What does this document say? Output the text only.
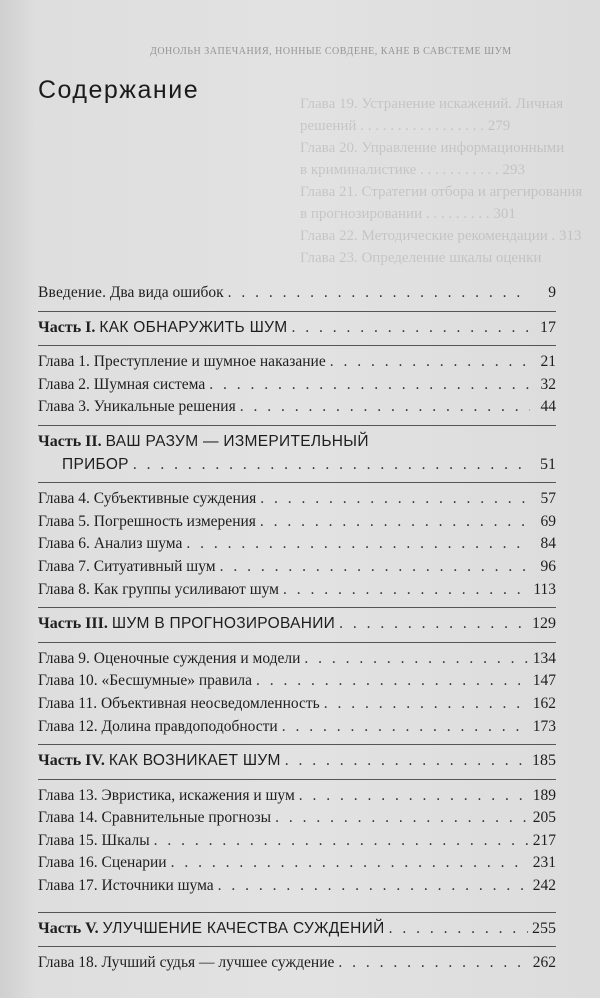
Глава 19. Устранение искажений. Личная
решений . . . . . . . . . . . . . . . . . 279
Глава 20. Управление информационными
в криминалистике . . . . . . . . . . . 293
Глава 21. Стратегии отбора и агрегирования
в прогнозировании . . . . . . . . . 301
Глава 22. Методические рекомендации . 313
Глава 23. Определение шкалы оценки
ДОНОЛЬН ЗАПЕЧАНИЯ, НОННЫЕ СОВДЕНЕ, КАНЕ В САВСТЕМЕ ШУМ
Содержание
Введение. Два вида ошибок . . .	9
Часть I. КАК ОБНАРУЖИТЬ ШУМ . . .	17
Глава 1. Преступление и шумное наказание . . .	21
Глава 2. Шумная система . . .	32
Глава 3. Уникальные решения . . .	44
Часть II. ВАШ РАЗУМ — ИЗМЕРИТЕЛЬНЫЙ
ПРИБОР . . .	51
Глава 4. Субъективные суждения . . .	57
Глава 5. Погрешность измерения . . .	69
Глава 6. Анализ шума . . .	84
Глава 7. Ситуативный шум . . .	96
Глава 8. Как группы усиливают шум . . .	113
Часть III. ШУМ В ПРОГНОЗИРОВАНИИ . . .	129
Глава 9. Оценочные суждения и модели . . .	134
Глава 10. «Бесшумные» правила . . .	147
Глава 11. Объективная неосведомленность . . .	162
Глава 12. Долина правдоподобности . . .	173
Часть IV. КАК ВОЗНИКАЕТ ШУМ . . .	185
Глава 13. Эвристика, искажения и шум . . .	189
Глава 14. Сравнительные прогнозы . . .	205
Глава 15. Шкалы . . .	217
Глава 16. Сценарии . . .	231
Глава 17. Источники шума . . .	242
Часть V. УЛУЧШЕНИЕ КАЧЕСТВА СУЖДЕНИЙ . . .	255
Глава 18. Лучший судья — лучшее суждение . . .	262
